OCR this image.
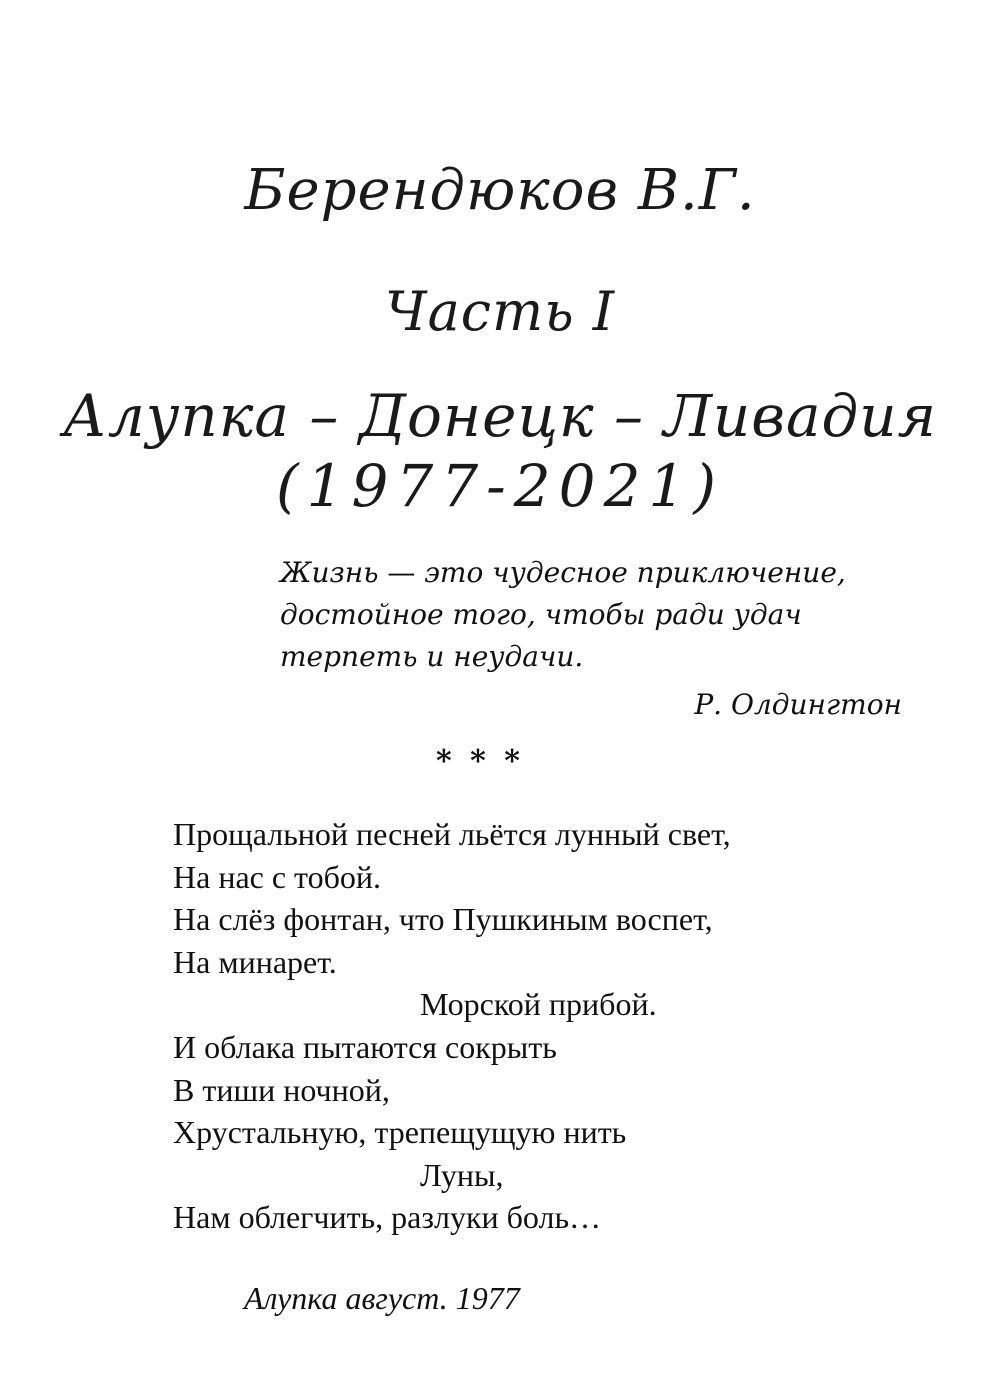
Берендюков В.Г.
Часть I
Алупка – Донецк – Ливадия
(1977-2021)
Жизнь — это чудесное приключение,
достойное того, чтобы ради удач
терпеть и неудачи.
Р. Олдингтон
* * *
Прощальной песней льётся лунный свет,
На нас с тобой.
На слёз фонтан, что Пушкиным воспет,
На минарет.
Морской прибой.
И облака пытаются сокрыть
В тиши ночной,
Хрустальную, трепещущую нить
Луны,
Нам облегчить, разлуки боль…
Алупка август. 1977
